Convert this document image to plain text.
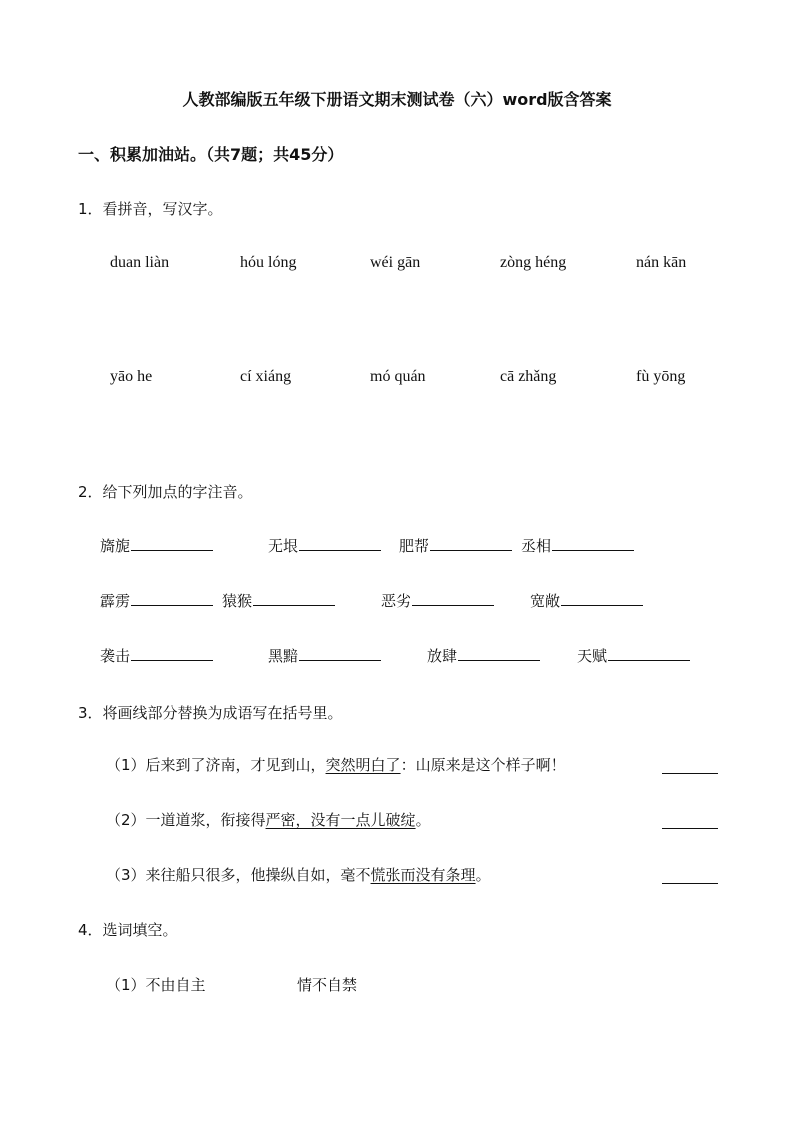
人教部编版五年级下册语文期末测试卷（六）word版含答案
一、积累加油站。（共7题；共45分）
1．看拼音，写汉字。
duan liàn	hóu lóng	wéi gān	zòng héng	nán kān
yāo he	cí xiáng	mó quán	cā zhǎng	fù yōng
2．给下列加点的字注音。
旖旎	无垠	肥帮	丞相
霹雳	猿猴	恶劣	宽敞
袭击	黑黯	放肆	天赋
3．将画线部分替换为成语写在括号里。
（1）后来到了济南，才见到山，突然明白了：山原来是这个样子啊！
（2）一道道浆，衔接得严密，没有一点儿破绽。
（3）来往船只很多，他操纵自如，毫不慌张而没有条理。
4．选词填空。
（1）不由自主	情不自禁
